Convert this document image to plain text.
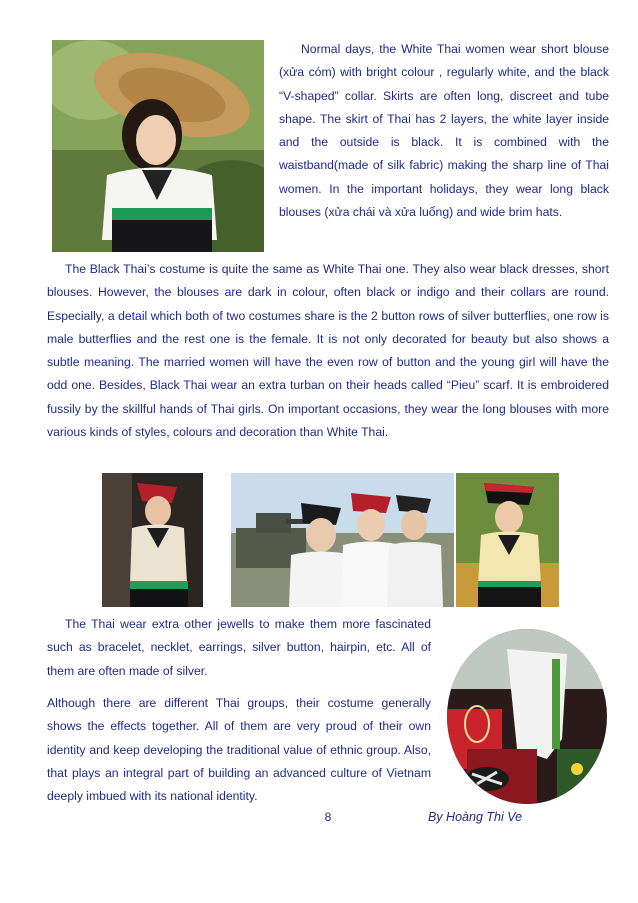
Normal days, the White Thai women wear short blouse (xửa cóm) with bright colour , regularly white, and the black “V-shaped” collar. Skirts are often long, discreet and tube shape. The skirt of Thai has 2 layers, the white layer inside and the outside is black. It is combined with the waistband(made of silk fabric) making the sharp line of Thai women. In the important holidays, they wear long black blouses (xửa chái và xửa luổng) and wide brim hats.

The Black Thai’s costume is quite the same as White Thai one. They also wear black dresses, short blouses. However, the blouses are dark in colour, often black or indigo and their collars are round. Especially, a detail which both of two costumes share is the 2 button rows of silver butterflies, one row is male butterflies and the rest one is the female. It is not only decorated for beauty but also shows a subtle meaning. The married women will have the even row of button and the young girl will have the odd one. Besides, Black Thai wear an extra turban on their heads called “Pieu” scarf. It is embroidered fussily by the skillful hands of Thai girls. On important occasions, they wear the long blouses with more various kinds of styles, colours and decoration than White Thai.

The Thai wear extra other jewells to make them more fascinated such as bracelet, necklet, earrings, silver button, hairpin, etc. All of them are often made of silver.

Although there are different Thai groups, their costume generally shows the effects together. All of them are very proud of their own identity and keep developing the traditional value of ethnic group. Also, that plays an integral part of building an advanced culture of Vietnam deeply imbued with its national identity.

8	By Hoàng Thi Ve
